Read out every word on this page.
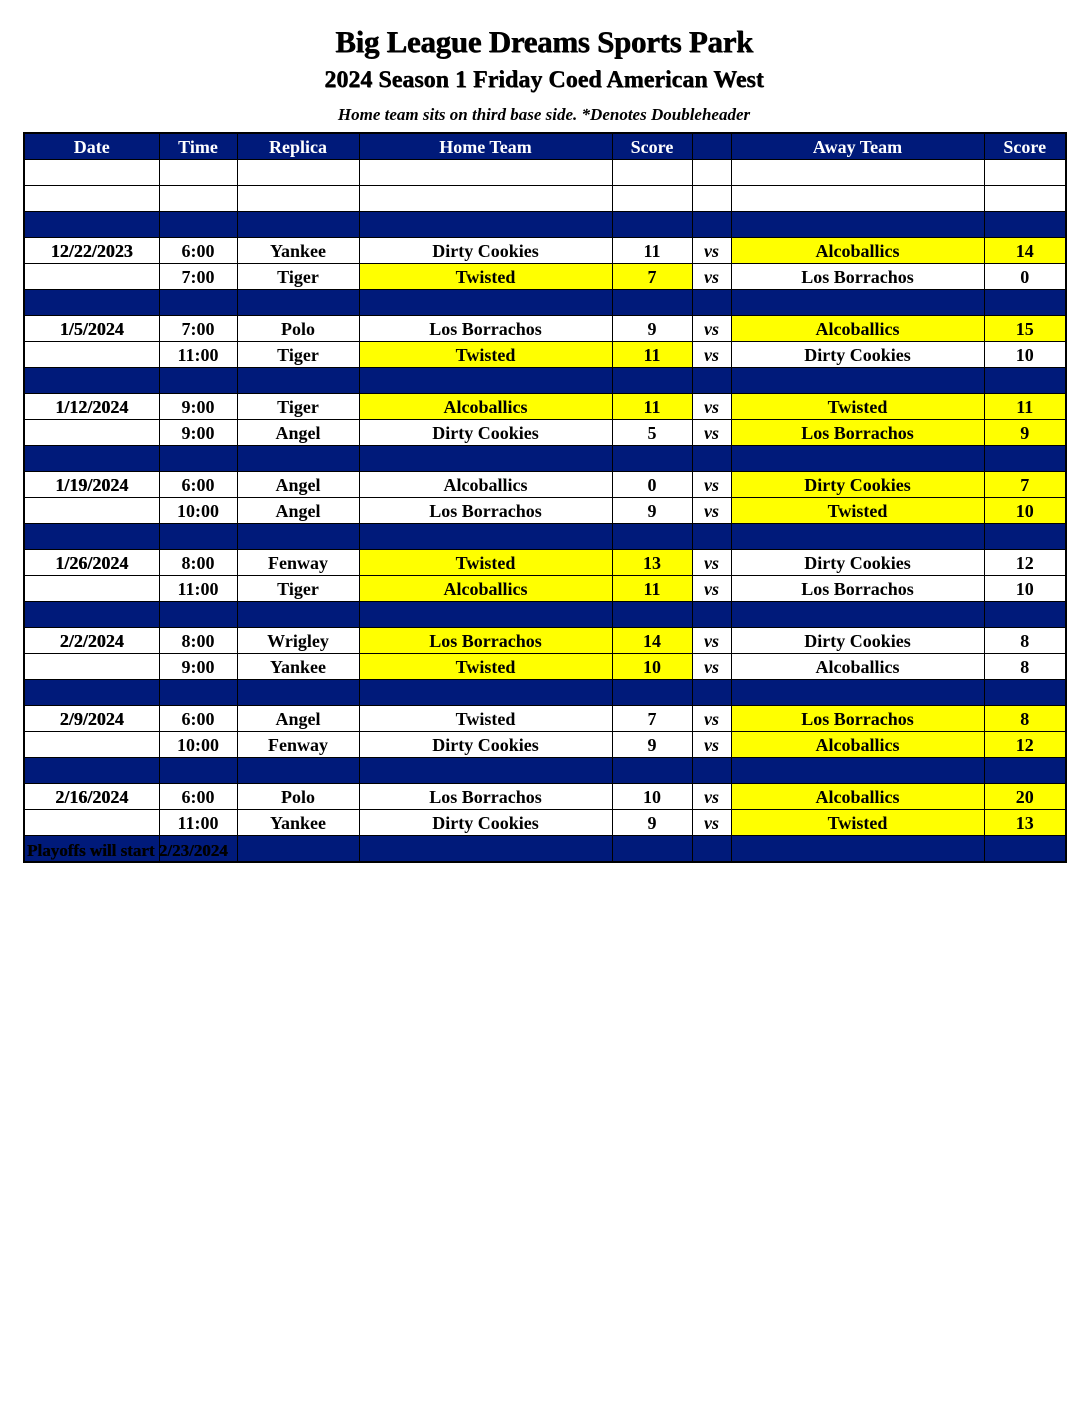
Big League Dreams Sports Park
2024 Season 1 Friday Coed American West
Home team sits on third base side. *Denotes Doubleheader
Date	Time	Replica	Home Team	Score		Away Team	Score

12/22/2023	6:00	Yankee	Dirty Cookies	11	vs	Alcoballics	14
	7:00	Tiger	Twisted	7	vs	Los Borrachos	0

1/5/2024	7:00	Polo	Los Borrachos	9	vs	Alcoballics	15
	11:00	Tiger	Twisted	11	vs	Dirty Cookies	10

1/12/2024	9:00	Tiger	Alcoballics	11	vs	Twisted	11
	9:00	Angel	Dirty Cookies	5	vs	Los Borrachos	9

1/19/2024	6:00	Angel	Alcoballics	0	vs	Dirty Cookies	7
	10:00	Angel	Los Borrachos	9	vs	Twisted	10

1/26/2024	8:00	Fenway	Twisted	13	vs	Dirty Cookies	12
	11:00	Tiger	Alcoballics	11	vs	Los Borrachos	10

2/2/2024	8:00	Wrigley	Los Borrachos	14	vs	Dirty Cookies	8
	9:00	Yankee	Twisted	10	vs	Alcoballics	8

2/9/2024	6:00	Angel	Twisted	7	vs	Los Borrachos	8
	10:00	Fenway	Dirty Cookies	9	vs	Alcoballics	12

2/16/2024	6:00	Polo	Los Borrachos	10	vs	Alcoballics	20
	11:00	Yankee	Dirty Cookies	9	vs	Twisted	13

Playoffs will start 2/23/2024
